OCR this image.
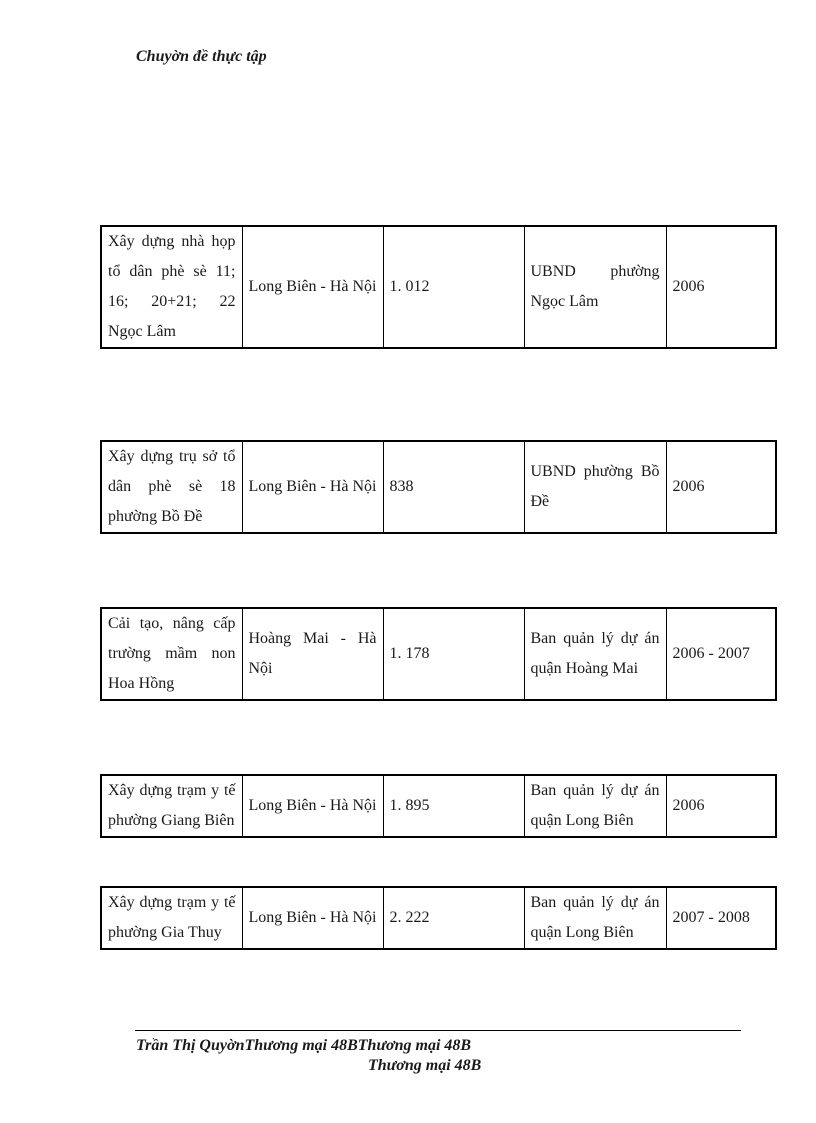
Chuyờn đề thực tập
Xây dựng nhà họp tổ dân phè sè 11; 16; 20+21; 22 Ngọc Lâm	Long Biên - Hà Nội	1. 012	UBND phường Ngọc Lâm	2006
Xây dựng trụ sở tổ dân phè sè 18 phường Bồ Đề	Long Biên - Hà Nội	838	UBND phường Bồ Đề	2006
Cải tạo, nâng cấp trường mầm non Hoa Hồng	Hoàng Mai - Hà Nội	1. 178	Ban quản lý dự án quận Hoàng Mai	2006 - 2007
Xây dựng trạm y tế phường Giang Biên	Long Biên - Hà Nội	1. 895	Ban quản lý dự án quận Long Biên	2006
Xây dựng trạm y tế phường Gia Thuy	Long Biên - Hà Nội	2. 222	Ban quản lý dự án quận Long Biên	2007 - 2008
Trần Thị QuyờnThương mại 48BThương mại 48B
Thương mại 48B
